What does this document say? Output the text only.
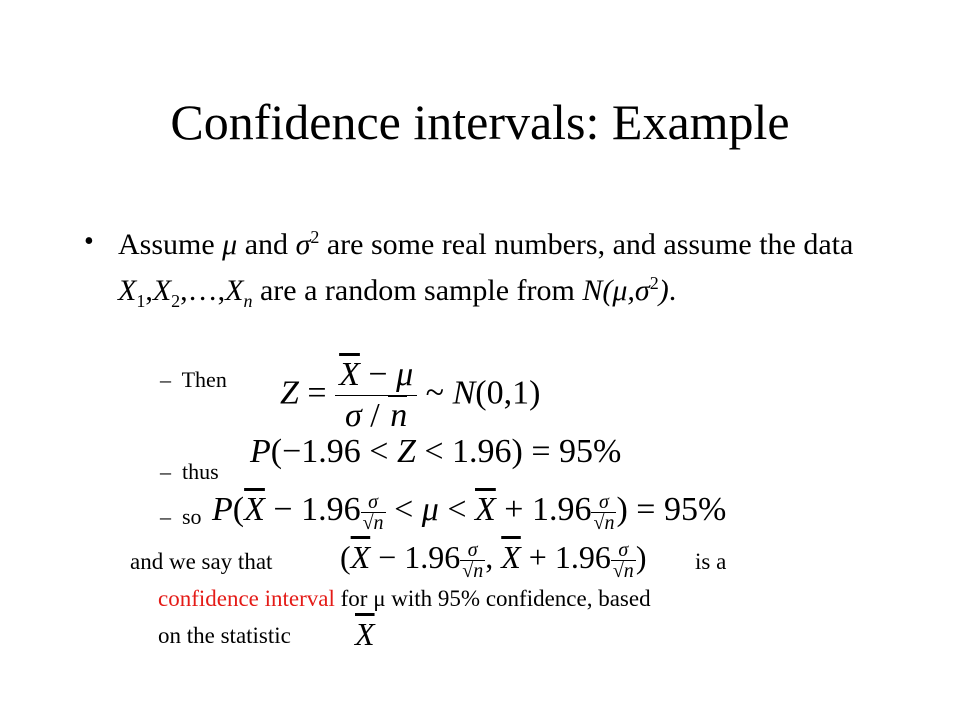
Confidence intervals: Example
• Assume μ and $\sigma^2$ are some real numbers, and assume the data $X_1,X_2,\dots,X_n$ are a random sample from $N(\mu,\sigma^2)$.
– Then $Z = \frac{\overline{X} - \mu}{\sigma / n}$ ~ N(0,1)
P(−1.96 < Z < 1.96) = 95%
– thus
– so $P(\overline{X} - 1.96 \frac{\sigma}{√n} < \mu < \overline{X} + 1.96 \frac{\sigma}{√n}$ ) = 95%
and we say that ($\overline{X} - 1.96 \frac{\sigma}{√n}$ , $\overline{X} + 1.96 \frac{\sigma}{√n}$ ) is a
confidence interval for μ with 95% confidence, based
on the statistic $\overline{X}$
